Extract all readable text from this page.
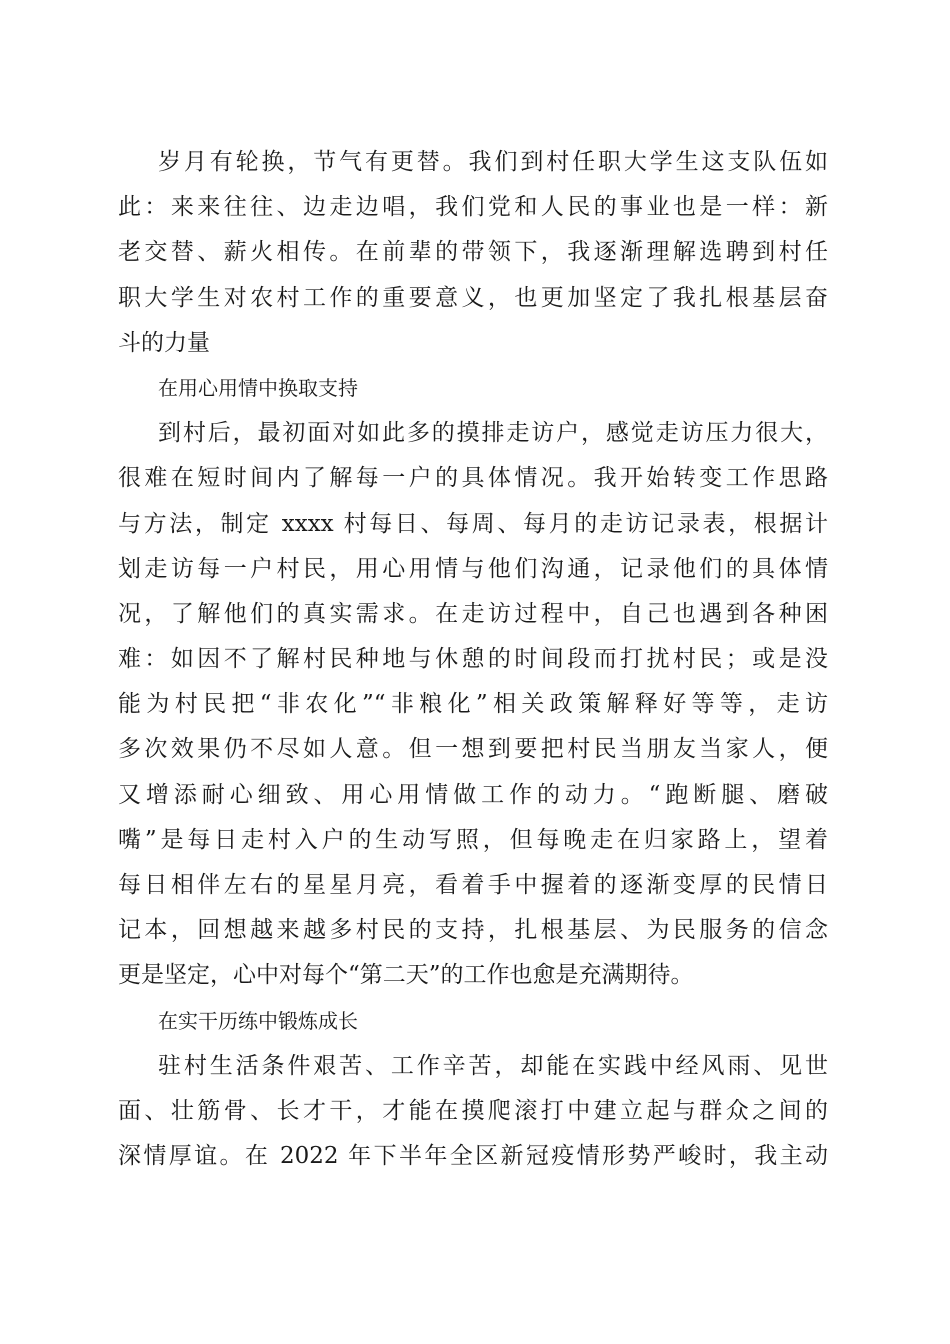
岁月有轮换，节气有更替。我们到村任职大学生这支队伍如
此：来来往往、边走边唱，我们党和人民的事业也是一样：新
老交替、薪火相传。在前辈的带领下，我逐渐理解选聘到村任
职大学生对农村工作的重要意义，也更加坚定了我扎根基层奋
斗的力量
在用心用情中换取支持
到村后，最初面对如此多的摸排走访户，感觉走访压力很大，
很难在短时间内了解每一户的具体情况。我开始转变工作思路
与方法，制定 xxxx 村每日、每周、每月的走访记录表，根据计
划走访每一户村民，用心用情与他们沟通，记录他们的具体情
况，了解他们的真实需求。在走访过程中，自己也遇到各种困
难：如因不了解村民种地与休憩的时间段而打扰村民；或是没
能为村民把“非农化”“非粮化”相关政策解释好等等，走访
多次效果仍不尽如人意。但一想到要把村民当朋友当家人，便
又增添耐心细致、用心用情做工作的动力。“跑断腿、磨破
嘴”是每日走村入户的生动写照，但每晚走在归家路上，望着
每日相伴左右的星星月亮，看着手中握着的逐渐变厚的民情日
记本，回想越来越多村民的支持，扎根基层、为民服务的信念
更是坚定，心中对每个“第二天”的工作也愈是充满期待。
在实干历练中锻炼成长
驻村生活条件艰苦、工作辛苦，却能在实践中经风雨、见世
面、壮筋骨、长才干，才能在摸爬滚打中建立起与群众之间的
深情厚谊。在 2022 年下半年全区新冠疫情形势严峻时，我主动
